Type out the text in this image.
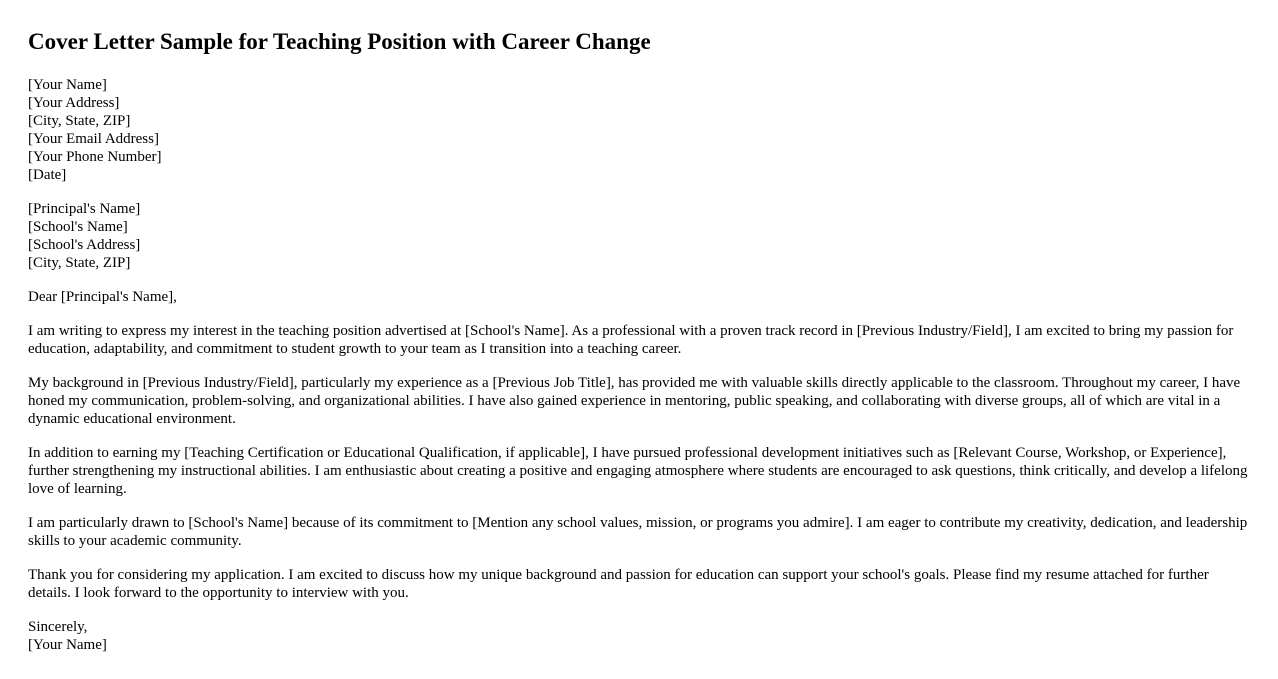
Cover Letter Sample for Teaching Position with Career Change
[Your Name]
[Your Address]
[City, State, ZIP]
[Your Email Address]
[Your Phone Number]
[Date]
[Principal's Name]
[School's Name]
[School's Address]
[City, State, ZIP]

Dear [Principal's Name],

I am writing to express my interest in the teaching position advertised at [School's Name]. As a professional with a proven track record in [Previous Industry/Field], I am excited to bring my passion for education, adaptability, and commitment to student growth to your team as I transition into a teaching career.

My background in [Previous Industry/Field], particularly my experience as a [Previous Job Title], has provided me with valuable skills directly applicable to the classroom. Throughout my career, I have honed my communication, problem-solving, and organizational abilities. I have also gained experience in mentoring, public speaking, and collaborating with diverse groups, all of which are vital in a dynamic educational environment.

In addition to earning my [Teaching Certification or Educational Qualification, if applicable], I have pursued professional development initiatives such as [Relevant Course, Workshop, or Experience], further strengthening my instructional abilities. I am enthusiastic about creating a positive and engaging atmosphere where students are encouraged to ask questions, think critically, and develop a lifelong love of learning.

I am particularly drawn to [School's Name] because of its commitment to [Mention any school values, mission, or programs you admire]. I am eager to contribute my creativity, dedication, and leadership skills to your academic community.

Thank you for considering my application. I am excited to discuss how my unique background and passion for education can support your school's goals. Please find my resume attached for further details. I look forward to the opportunity to interview with you.

Sincerely,
[Your Name]
